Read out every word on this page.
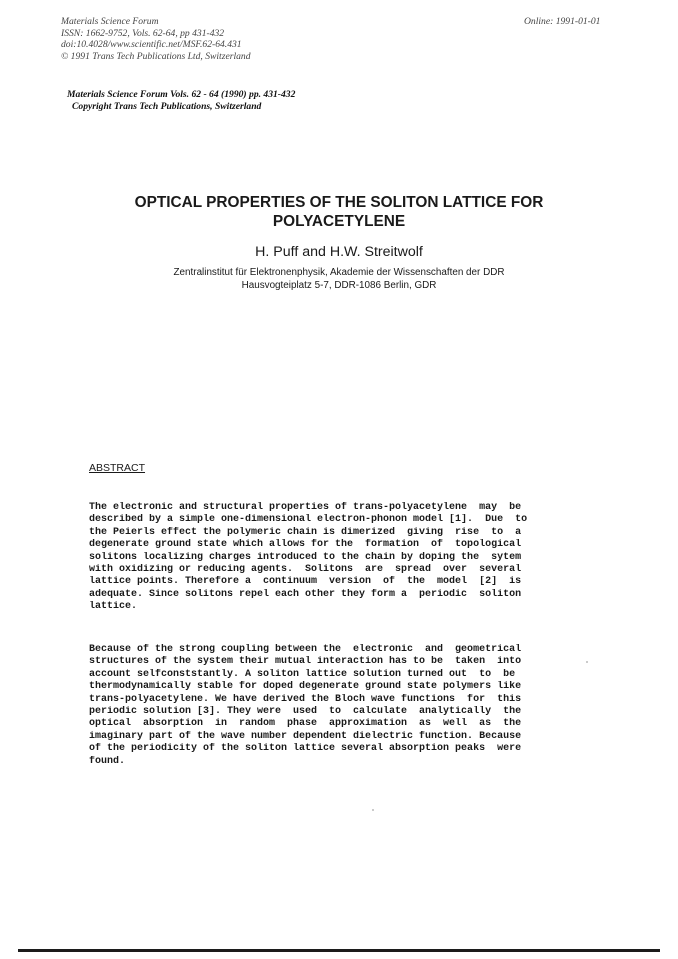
Materials Science Forum
ISSN: 1662-9752, Vols. 62-64, pp 431-432
doi:10.4028/www.scientific.net/MSF.62-64.431
© 1991 Trans Tech Publications Ltd, Switzerland
Online: 1991-01-01
Materials Science Forum Vols. 62 - 64 (1990) pp. 431-432
Copyright Trans Tech Publications, Switzerland
OPTICAL PROPERTIES OF THE SOLITON LATTICE FOR
POLYACETYLENE
H. Puff and H.W. Streitwolf
Zentralinstitut für Elektronenphysik, Akademie der Wissenschaften der DDR
Hausvogteiplatz 5-7, DDR-1086 Berlin, GDR
ABSTRACT
The electronic and structural properties of trans-polyacetylene  may  be
described by a simple one-dimensional electron-phonon model [1].  Due  to
the Peierls effect the polymeric chain is dimerized  giving  rise  to  a
degenerate ground state which allows for the  formation  of  topological
solitons localizing charges introduced to the chain by doping the  sytem
with oxidizing or reducing agents.  Solitons  are  spread  over  several
lattice points. Therefore a  continuum  version  of  the  model  [2]  is
adequate. Since solitons repel each other they form a  periodic  soliton
lattice.
Because of the strong coupling between the  electronic  and  geometrical
structures of the system their mutual interaction has to be  taken  into
account selfconststantly. A soliton lattice solution turned out  to  be
thermodynamically stable for doped degenerate ground state polymers like
trans-polyacetylene. We have derived the Bloch wave functions  for  this
periodic solution [3]. They were  used  to  calculate  analytically  the
optical  absorption  in  random  phase  approximation  as  well  as  the
imaginary part of the wave number dependent dielectric function. Because
of the periodicity of the soliton lattice several absorption peaks  were
found.
